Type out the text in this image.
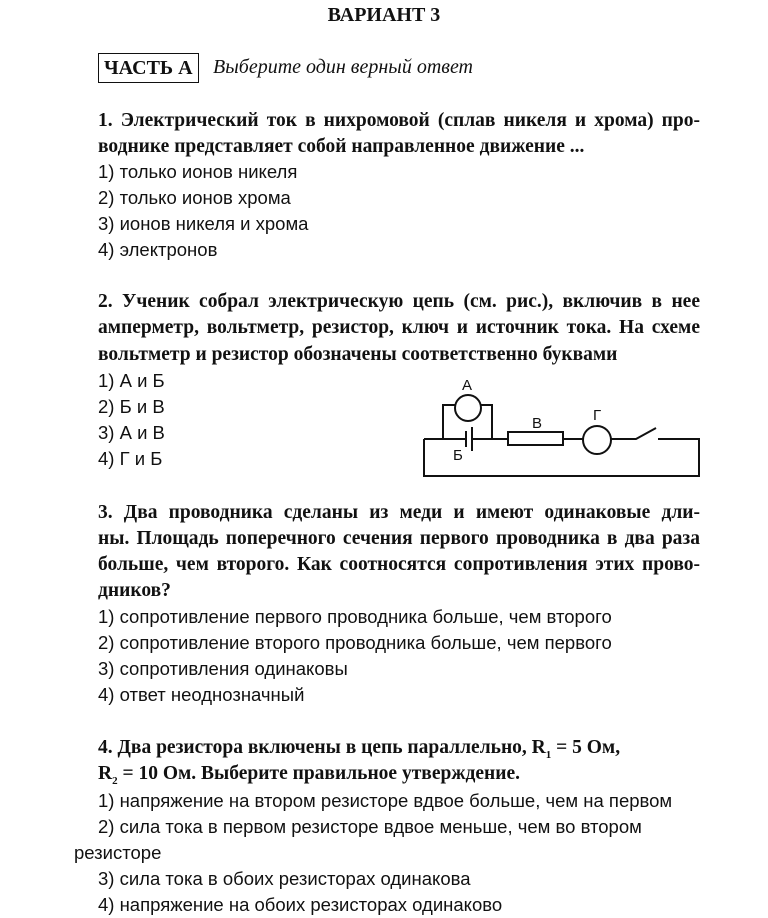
ВАРИАНТ 3
ЧАСТЬ А	Выберите один верный ответ
1. Электрический ток в нихромовой (сплав никеля и хрома) про-
воднике представляет собой направленное движение ...
1) только ионов никеля
2) только ионов хрома
3) ионов никеля и хрома
4) электронов
2. Ученик собрал электрическую цепь (см. рис.), включив в нее
амперметр, вольтметр, резистор, ключ и источник тока. На схеме
вольтметр и резистор обозначены соответственно буквами
1) А и Б
2) Б и В
3) А и В
4) Г и Б
А
Б
В	Г
3. Два проводника сделаны из меди и имеют одинаковые дли-
ны. Площадь поперечного сечения первого проводника в два раза
больше, чем второго. Как соотносятся сопротивления этих прово-
дников?
1) сопротивление первого проводника больше, чем второго
2) сопротивление второго проводника больше, чем первого
3) сопротивления одинаковы
4) ответ неоднозначный
4. Два резистора включены в цепь параллельно, $R_1 = 5$ Ом,
$R_2 = 10$ Ом. Выберите правильное утверждение.
1) напряжение на втором резисторе вдвое больше, чем на первом
2) сила тока в первом резисторе вдвое меньше, чем во втором
резисторе
3) сила тока в обоих резисторах одинакова
4) напряжение на обоих резисторах одинаково
